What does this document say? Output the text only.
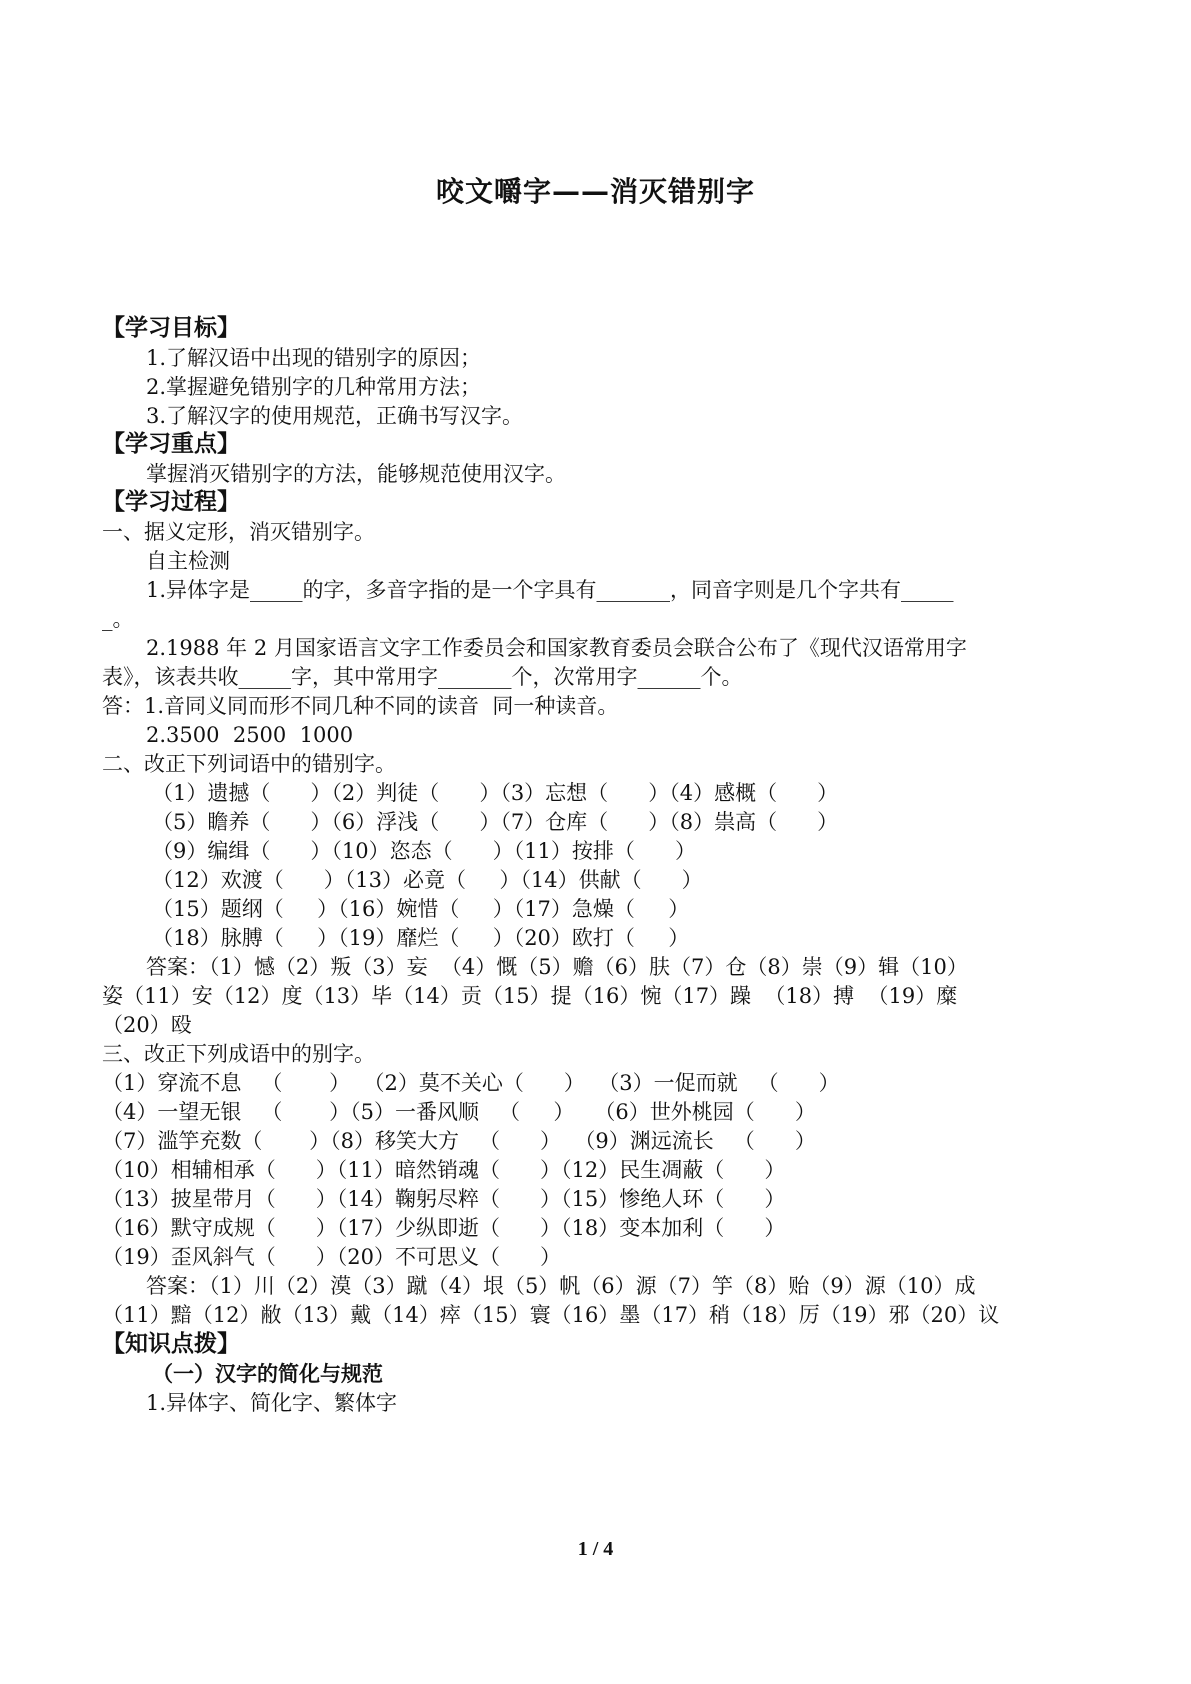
咬文嚼字——消灭错别字
【学习目标】
1.了解汉语中出现的错别字的原因；
2.掌握避免错别字的几种常用方法；
3.了解汉字的使用规范，正确书写汉字。
【学习重点】
掌握消灭错别字的方法，能够规范使用汉字。
【学习过程】
一、据义定形，消灭错别字。
自主检测
1.异体字是_____的字，多音字指的是一个字具有_______，同音字则是几个字共有_____
_。
2.1988 年 2 月国家语言文字工作委员会和国家教育委员会联合公布了《现代汉语常用字
表》，该表共收_____字，其中常用字_______个，次常用字______个。
答：1.音同义同而形不同几种不同的读音  同一种读音。
2.3500  2500  1000
二、改正下列词语中的错别字。
（1）遗撼（      ）（2）判徒（      ）（3）忘想（      ）（4）感概（      ）
（5）瞻养（      ）（6）浮浅（      ）（7）仓库（      ）（8）祟高（      ）
（9）编缉（      ）（10）恣态（      ）（11）按排（      ）
（12）欢渡（      ）（13）必竟（     ）（14）供献（      ）
（15）题纲（     ）（16）婉惜（     ）（17）急燥（     ）
（18）脉膊（     ）（19）靡烂（     ）（20）欧打（     ）
答案：（1）憾（2）叛（3）妄  （4）慨（5）赡（6）肤（7）仓（8）崇（9）辑（10）
姿（11）安（12）度（13）毕（14）贡（15）提（16）惋（17）躁  （18）搏  （19）糜
（20）殴
三、改正下列成语中的别字。
（1）穿流不息   （       ）  （2）莫不关心（      ）  （3）一促而就   （      ）
（4）一望无银   （       ）（5）一番风顺   （     ）   （6）世外桃园（      ）
（7）滥竽充数（       ）（8）移笑大方   （      ）  （9）渊远流长   （      ）
（10）相辅相承（      ）（11）暗然销魂（      ）（12）民生凋蔽（      ）
（13）披星带月（      ）（14）鞠躬尽粹（      ）（15）惨绝人环（      ）
（16）默守成规（      ）（17）少纵即逝（      ）（18）变本加利（      ）
（19）歪风斜气（      ）（20）不可思义（      ）
答案：（1）川（2）漠（3）蹴（4）垠（5）帆（6）源（7）竽（8）贻（9）源（10）成
（11）黯（12）敝（13）戴（14）瘁（15）寰（16）墨（17）稍（18）厉（19）邪（20）议
【知识点拨】
（一）汉字的简化与规范
1.异体字、简化字、繁体字
1 / 4
